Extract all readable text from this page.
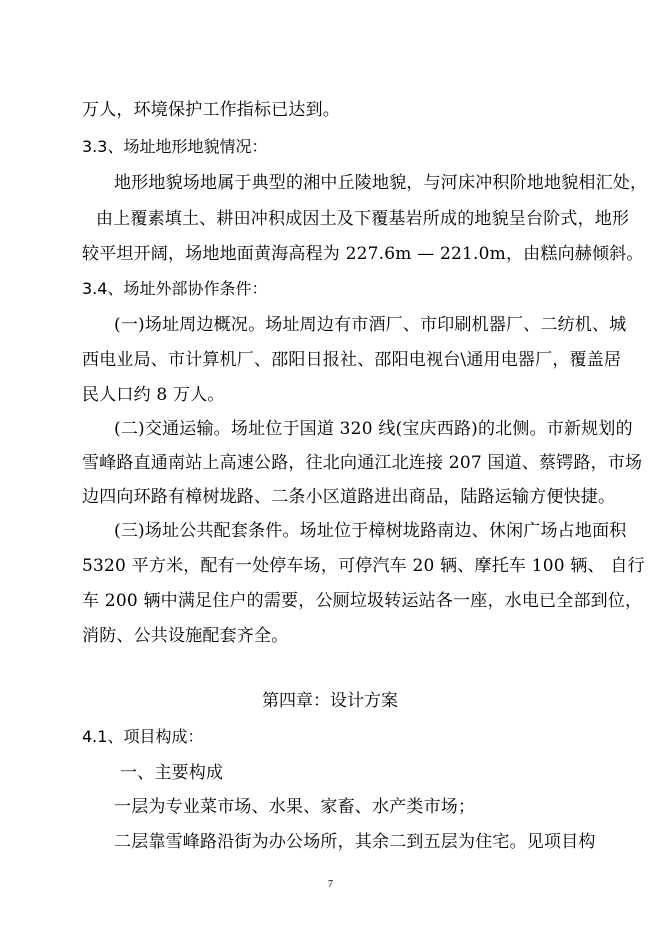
万人，环境保护工作指标已达到。
3.3、场址地形地貌情况：
地形地貌场地属于典型的湘中丘陵地貌，与河床冲积阶地地貌相汇处，
由上覆素填土、耕田冲积成因土及下覆基岩所成的地貌呈台阶式，地形
较平坦开阔，场地地面黄海高程为 227.6m — 221.0m，由糕向赫倾斜。
3.4、场址外部协作条件：
(一)场址周边概况。场址周边有市酒厂、市印刷机器厂、二纺机、城
西电业局、市计算机厂、邵阳日报社、邵阳电视台\通用电器厂，覆盖居
民人口约 8 万人。
(二)交通运输。场址位于国道 320 线(宝庆西路)的北侧。市新规划的
雪峰路直通南站上高速公路，往北向通江北连接 207 国道、蔡锷路，市场
边四向环路有樟树垅路、二条小区道路进出商品，陆路运输方便快捷。
(三)场址公共配套条件。场址位于樟树垅路南边、休闲广场占地面积
5320 平方米，配有一处停车场，可停汽车 20 辆、摩托车 100 辆、 自行
车 200 辆中满足住户的需要，公厕垃圾转运站各一座，水电已全部到位，
消防、公共设施配套齐全。
第四章：设计方案
4.1、项目构成：
一、主要构成
一层为专业菜市场、水果、家畜、水产类市场；
二层靠雪峰路沿街为办公场所，其余二到五层为住宅。见项目构
7
